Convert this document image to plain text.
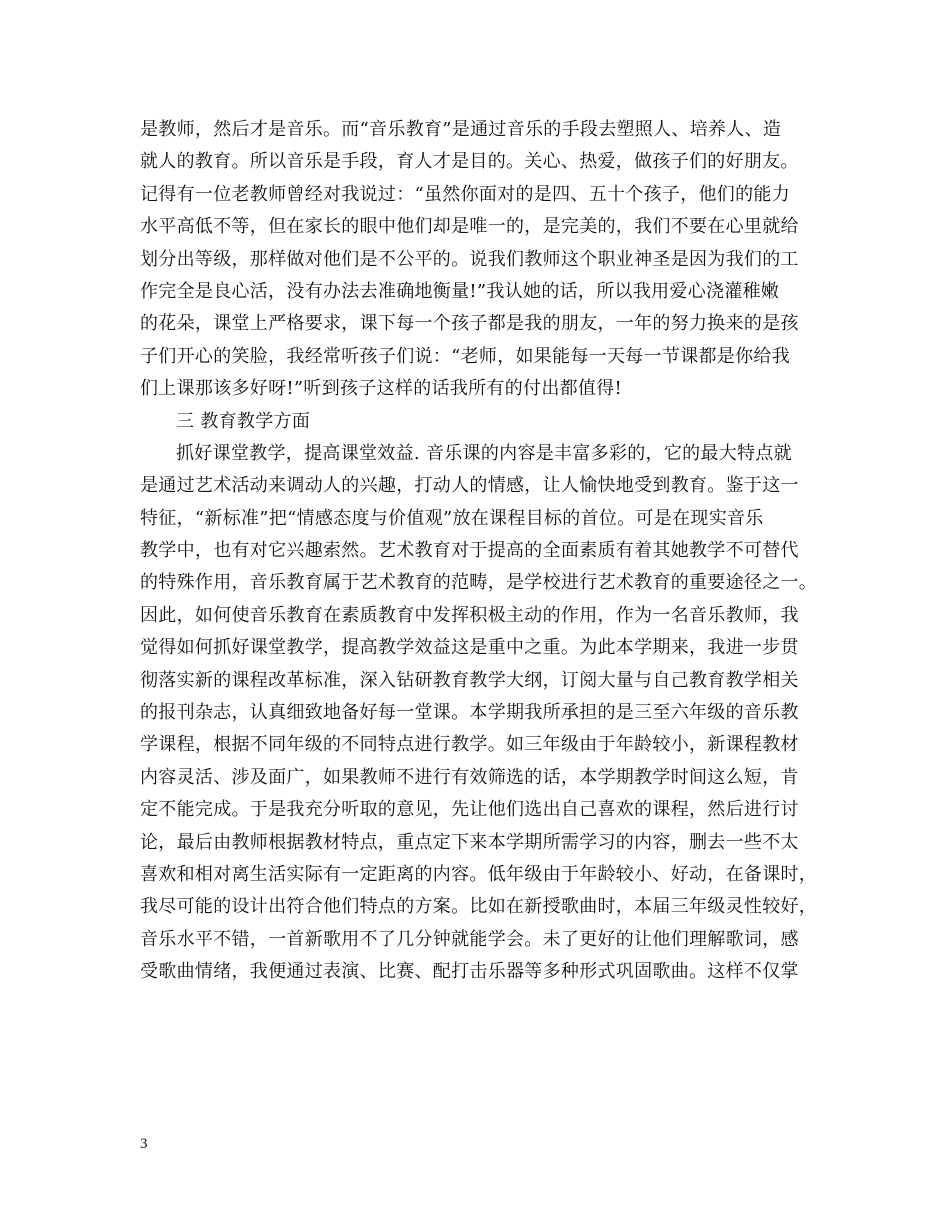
是教师，然后才是音乐。而“音乐教育”是通过音乐的手段去塑照人、培养人、造
就人的教育。所以音乐是手段，育人才是目的。关心、热爱，做孩子们的好朋友。
记得有一位老教师曾经对我说过：“虽然你面对的是四、五十个孩子，他们的能力
水平高低不等，但在家长的眼中他们却是唯一的，是完美的，我们不要在心里就给
划分出等级，那样做对他们是不公平的。说我们教师这个职业神圣是因为我们的工
作完全是良心活，没有办法去准确地衡量!”我认她的话，所以我用爱心浇灌稚嫩
的花朵，课堂上严格要求，课下每一个孩子都是我的朋友，一年的努力换来的是孩
子们开心的笑脸，我经常听孩子们说：“老师，如果能每一天每一节课都是你给我
们上课那该多好呀!”听到孩子这样的话我所有的付出都值得!
三 教育教学方面
抓好课堂教学，提高课堂效益. 音乐课的内容是丰富多彩的，它的最大特点就
是通过艺术活动来调动人的兴趣，打动人的情感，让人愉快地受到教育。鉴于这一
特征，“新标准”把“情感态度与价值观”放在课程目标的首位。可是在现实音乐
教学中，也有对它兴趣索然。艺术教育对于提高的全面素质有着其她教学不可替代
的特殊作用，音乐教育属于艺术教育的范畴，是学校进行艺术教育的重要途径之一。
因此，如何使音乐教育在素质教育中发挥积极主动的作用，作为一名音乐教师，我
觉得如何抓好课堂教学，提高教学效益这是重中之重。为此本学期来，我进一步贯
彻落实新的课程改革标准，深入钻研教育教学大纲，订阅大量与自己教育教学相关
的报刊杂志，认真细致地备好每一堂课。本学期我所承担的是三至六年级的音乐教
学课程，根据不同年级的不同特点进行教学。如三年级由于年龄较小，新课程教材
内容灵活、涉及面广，如果教师不进行有效筛选的话，本学期教学时间这么短，肯
定不能完成。于是我充分听取的意见，先让他们选出自己喜欢的课程，然后进行讨
论，最后由教师根据教材特点，重点定下来本学期所需学习的内容，删去一些不太
喜欢和相对离生活实际有一定距离的内容。低年级由于年龄较小、好动，在备课时，
我尽可能的设计出符合他们特点的方案。比如在新授歌曲时，本届三年级灵性较好，
音乐水平不错，一首新歌用不了几分钟就能学会。未了更好的让他们理解歌词，感
受歌曲情绪，我便通过表演、比赛、配打击乐器等多种形式巩固歌曲。这样不仅掌
3
